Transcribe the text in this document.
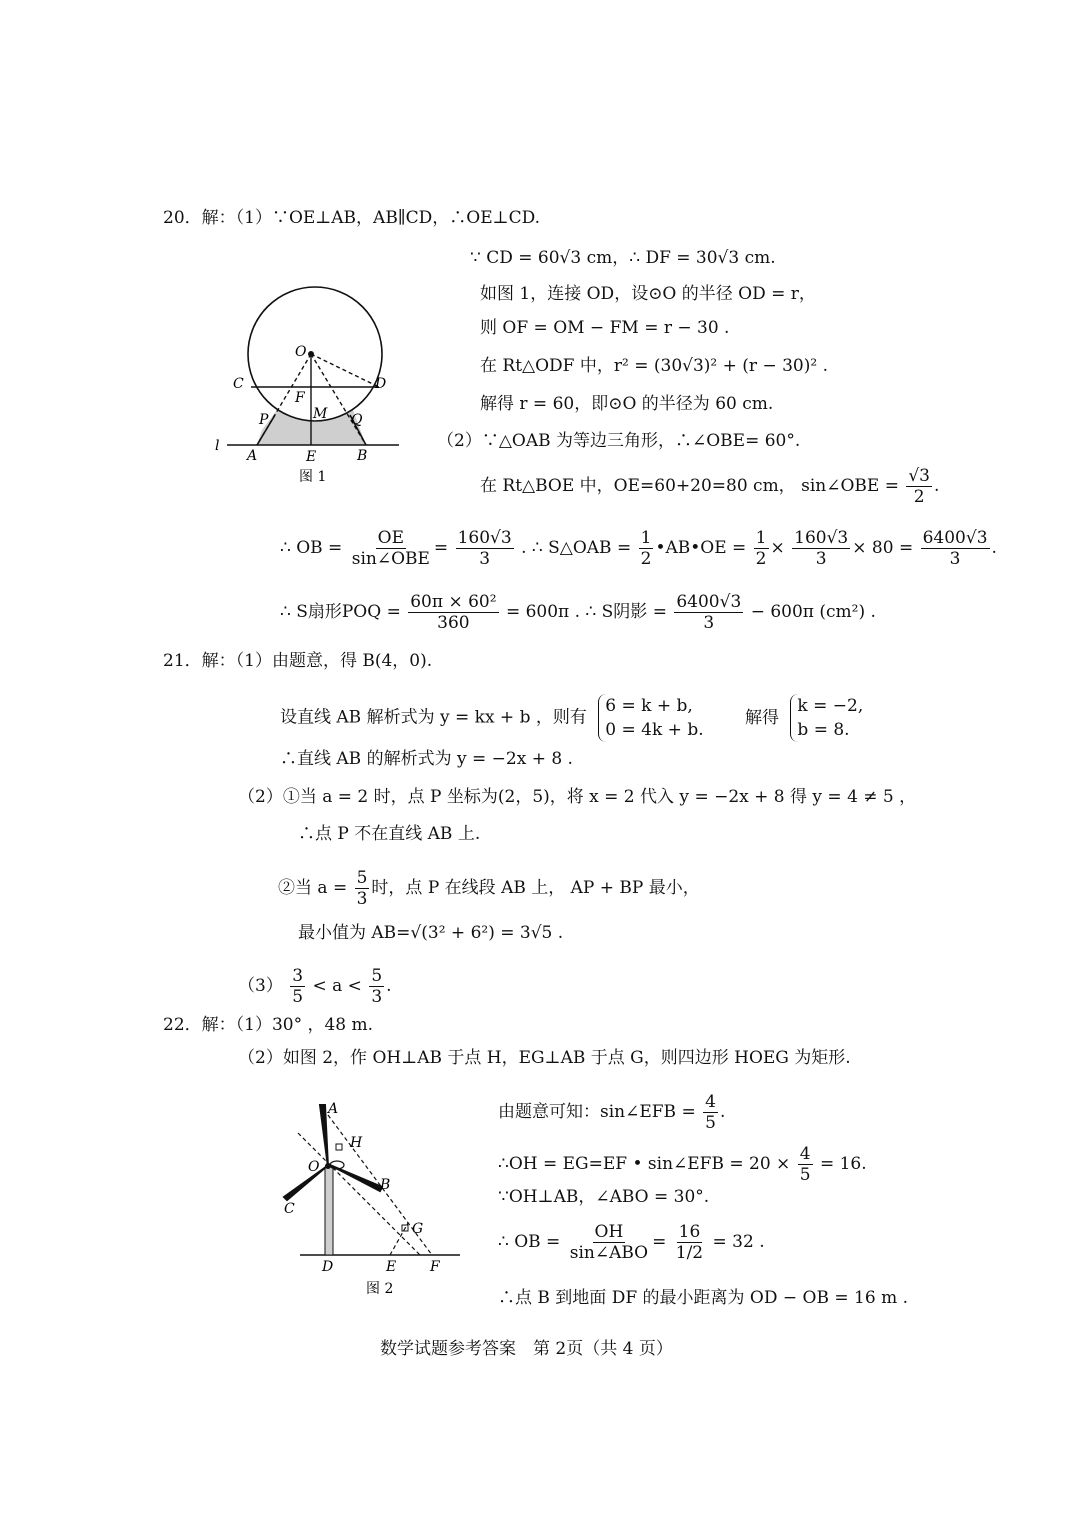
20．解：（1）∵OE⊥AB，AB∥CD，∴OE⊥CD.
∵ CD = 60√3 cm，∴ DF = 30√3 cm.
如图 1，连接 OD，设⊙O 的半径 OD = r，
则 OF = OM − FM = r − 30 .
在 Rt△ODF 中，r² = (30√3)² + (r − 30)² .
解得 r = 60，即⊙O 的半径为 60 cm.
（2）∵△OAB 为等边三角形，∴∠OBE= 60°.
在 Rt△BOE 中，OE=60+20=80 cm， sin∠OBE = $\frac{√3}{2}$ .
∴ OB = $\frac{OE}{\text{sin∠OBE}} = \frac{160√3}{3}$ . ∴ S△OAB = $\frac{1}{2}$ •AB•OE = $\frac{1}{2} \times \frac{160√3}{3} \times 80 = \frac{6400√3}{3}$ .
∴ S扇形POQ = $\frac{\text{60π × 60²}}{360} = 600\pi$ . ∴ S阴影 = $\frac{6400√3}{3} - 600\pi$ (cm²) .
O
C	D
F
M
P	Q
l
A	E	B
图 1
21．解：（1）由题意，得 B(4，0).
设直线 AB 解析式为 y = kx + b ，则有
6 = k + b,
0 = 4k + b.
解得
k = −2,
b = 8.
∴直线 AB 的解析式为 y = −2x + 8 .
（2）①当 a = 2 时，点 P 坐标为(2，5)，将 x = 2 代入 y = −2x + 8 得 y = 4 ≠ 5 ，
∴点 P 不在直线 AB 上.
②当 $a = \frac{5}{3}$ 时，点 P 在线段 AB 上， AP + BP 最小，
最小值为 AB=√(3² + 6²) = 3√5 .
$(3) \frac{3}{5} < a < \frac{5}{3}$ .
22．解：（1）30° ，48 m.
（2）如图 2，作 OH⊥AB 于点 H，EG⊥AB 于点 G，则四边形 HOEG 为矩形.
由题意可知：sin∠EFB = $\frac{4}{5}$ .
∴OH = EG=EF • sin∠EFB = $20 \times \frac{4}{5} = 16$.
∵OH⊥AB，∠ABO = 30°.
∴ OB = $\frac{OH}{\text{sin∠ABO}} = \frac{16}{1/2} = 32$ .
∴点 B 到地面 DF 的最小距离为 OD − OB = 16 m .
A
H
O
B
C
G
D	E F
图 2
数学试题参考答案　第 2页（共 4 页）
